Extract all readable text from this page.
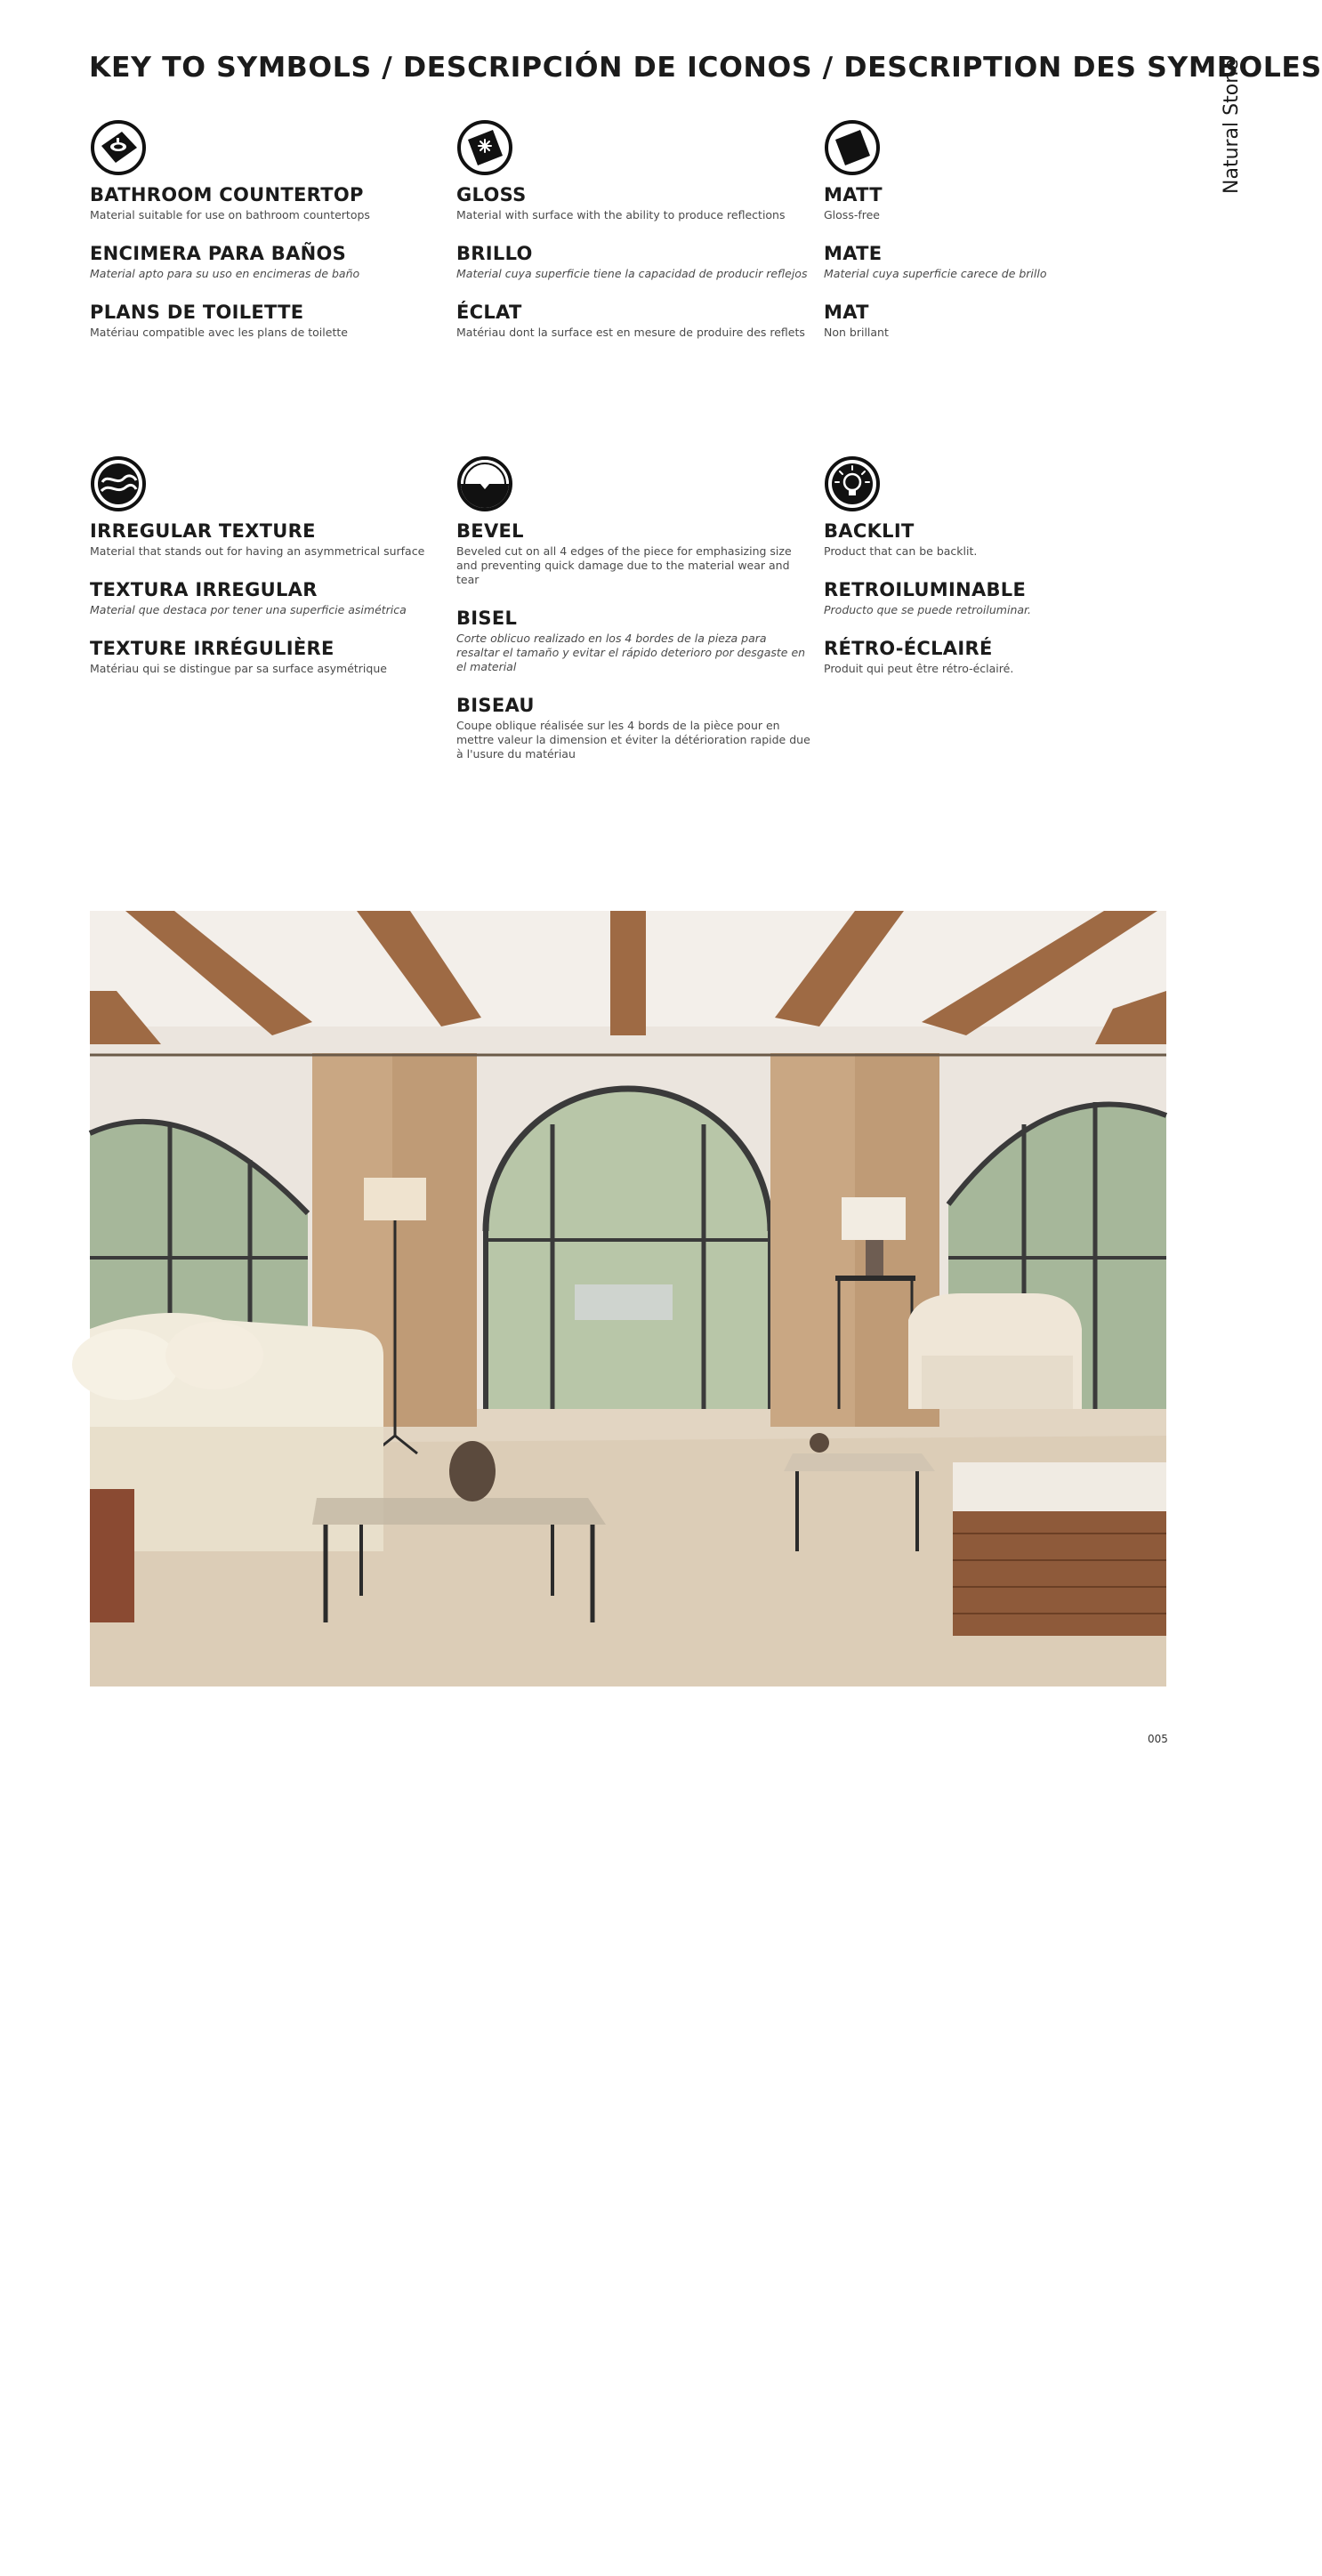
KEY TO SYMBOLS / DESCRIPCIÓN DE ICONOS / DESCRIPTION DES SYMBOLES
Natural Stone

BATHROOM COUNTERTOP

Material suitable for use on bathroom countertops

ENCIMERA PARA BAÑOS

Material apto para su uso en encimeras de baño

PLANS DE TOILETTE

Matériau compatible avec les plans de toilette

GLOSS

Material with surface with the ability to produce reflections

BRILLO

Material cuya superficie tiene la capacidad de producir reflejos

ÉCLAT

Matériau dont la surface est en mesure de produire des reflets

MATT

Gloss-free

MATE

Material cuya superficie carece de brillo

MAT

Non brillant

IRREGULAR TEXTURE

Material that stands out for having an asymmetrical surface

TEXTURA IRREGULAR

Material que destaca por tener una superficie asimétrica

TEXTURE IRRÉGULIÈRE

Matériau qui se distingue par sa surface asymétrique

BEVEL

Beveled cut on all 4 edges of the piece for emphasizing size and preventing quick damage due to the material wear and tear

BISEL

Corte oblicuo realizado en los 4 bordes de la pieza para resaltar el tamaño y evitar el rápido deterioro por desgaste en el material

BISEAU

Coupe oblique réalisée sur les 4 bords de la pièce pour en mettre valeur la dimension et éviter la détérioration rapide due à l'usure du matériau

BACKLIT

Product that can be backlit.

RETROILUMINABLE

Producto que se puede retroiluminar.

RÉTRO-ÉCLAIRÉ

Produit qui peut être rétro-éclairé.

Floor Covering: Horus Beige Texture. Home Complements: Motif Vase Grey Stone, Motif Vessel Grey Stone, Motif Tray S Grey Stone
005
